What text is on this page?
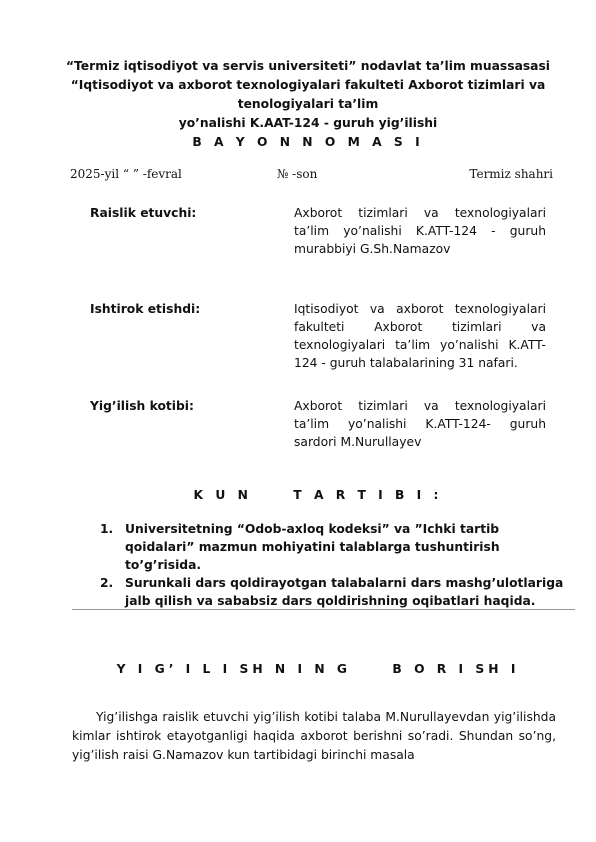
“Termiz iqtisodiyot va servis universiteti” nodavlat ta’lim muassasasi
“Iqtisodiyot va axborot texnologiyalari fakulteti Axborot tizimlari va
tenologiyalari ta’lim
yo’nalishi K.AAT-124 - guruh yig’ilishi
B A Y O N N O M A S I
2025-yil “ ” -fevral	№ -son	Termiz shahri
Raislik etuvchi:	Axborot tizimlari va texnologiyalari ta’lim yo’nalishi K.ATT-124 - guruh murabbiyi G.Sh.Namazov
Ishtirok etishdi:	Iqtisodiyot va axborot texnologiyalari fakulteti Axborot tizimlari va texnologiyalari ta’lim yo’nalishi K.ATT-124 - guruh talabalarining 31 nafari.
Yig’ilish kotibi:	Axborot tizimlari va texnologiyalari ta’lim yo’nalishi K.ATT-124- guruh sardori M.Nurullayev
K U N     T A R T I B I :
1. Universitetning “Odob-axloq kodeksi” va ”Ichki tartib qoidalari” mazmun mohiyatini talablarga tushuntirish to’g’risida.
2. Surunkali dars qoldirayotgan talabalarni dars mashg’ulotlariga jalb qilish va sababsiz dars qoldirishning oqibatlari haqida.
Y I G’ I L I SH N I N G     B O R I SH I
Yig’ilishga raislik etuvchi yig’ilish kotibi talaba M.Nurullayevdan yig’ilishda kimlar ishtirok etayotganligi haqida axborot berishni so’radi. Shundan so’ng, yig’ilish raisi G.Namazov kun tartibidagi birinchi masala
